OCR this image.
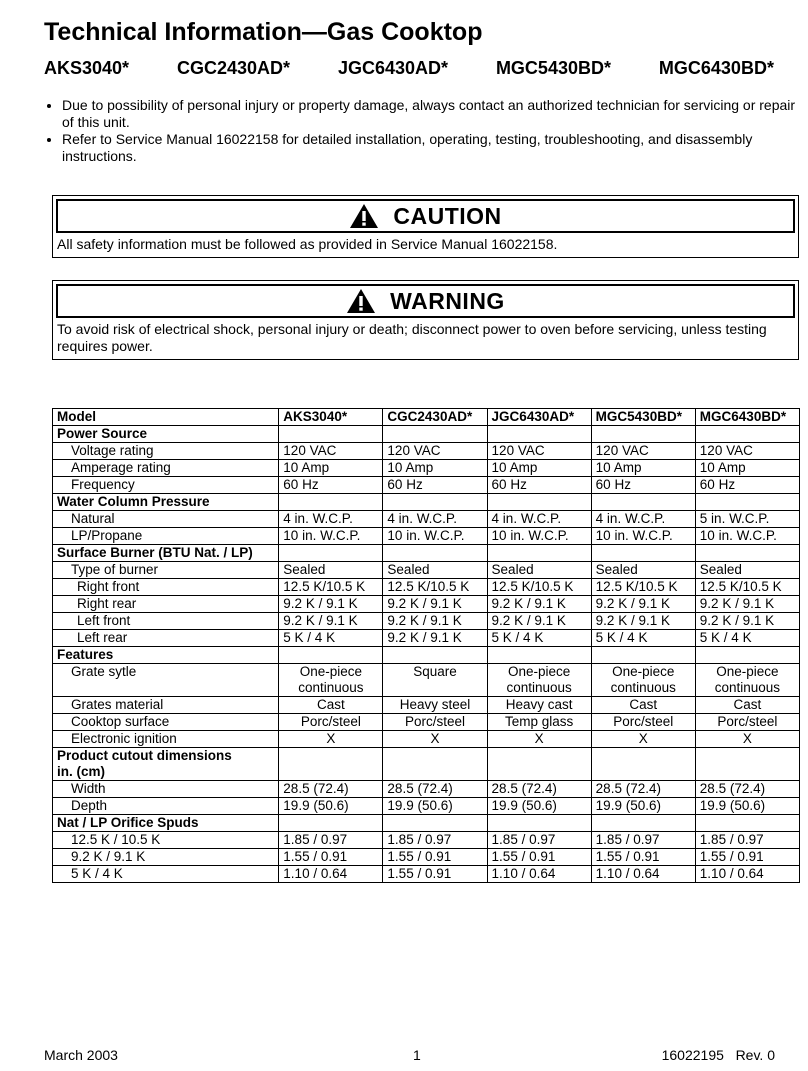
Technical Information—Gas Cooktop
AKS3040*	CGC2430AD*	JGC6430AD*	MGC5430BD*	MGC6430BD*
• Due to possibility of personal injury or property damage, always contact an authorized technician for servicing or repair of this unit.
• Refer to Service Manual 16022158 for detailed installation, operating, testing, troubleshooting, and disassembly instructions.
CAUTION
All safety information must be followed as provided in Service Manual 16022158.
WARNING
To avoid risk of electrical shock, personal injury or death; disconnect power to oven before servicing, unless testing requires power.
Model	AKS3040*	CGC2430AD*	JGC6430AD*	MGC5430BD*	MGC6430BD*
Power Source					
Voltage rating	120 VAC	120 VAC	120 VAC	120 VAC	120 VAC
Amperage rating	10 Amp	10 Amp	10 Amp	10 Amp	10 Amp
Frequency	60 Hz	60 Hz	60 Hz	60 Hz	60 Hz
Water Column Pressure					
Natural	4 in. W.C.P.	4 in. W.C.P.	4 in. W.C.P.	4 in. W.C.P.	5 in. W.C.P.
LP/Propane	10 in. W.C.P.	10 in. W.C.P.	10 in. W.C.P.	10 in. W.C.P.	10 in. W.C.P.
Surface Burner (BTU Nat. / LP)					
Type of burner	Sealed	Sealed	Sealed	Sealed	Sealed
Right front	12.5 K/10.5 K	12.5 K/10.5 K	12.5 K/10.5 K	12.5 K/10.5 K	12.5 K/10.5 K
Right rear	9.2 K / 9.1 K	9.2 K / 9.1 K	9.2 K / 9.1 K	9.2 K / 9.1 K	9.2 K / 9.1 K
Left front	9.2 K / 9.1 K	9.2 K / 9.1 K	9.2 K / 9.1 K	9.2 K / 9.1 K	9.2 K / 9.1 K
Left rear	5 K / 4 K	9.2 K / 9.1 K	5 K / 4 K	5 K / 4 K	5 K / 4 K
Features					
Grate sytle	One-piece continuous	Square	One-piece continuous	One-piece continuous	One-piece continuous
Grates material	Cast	Heavy steel	Heavy cast	Cast	Cast
Cooktop surface	Porc/steel	Porc/steel	Temp glass	Porc/steel	Porc/steel
Electronic ignition	X	X	X	X	X

Product cutout dimensions
in. (cm)					

Width	28.5 (72.4)	28.5 (72.4)	28.5 (72.4)	28.5 (72.4)	28.5 (72.4)
Depth	19.9 (50.6)	19.9 (50.6)	19.9 (50.6)	19.9 (50.6)	19.9 (50.6)
Nat / LP Orifice Spuds					
12.5 K / 10.5 K	1.85 / 0.97	1.85 / 0.97	1.85 / 0.97	1.85 / 0.97	1.85 / 0.97
9.2 K / 9.1 K	1.55 / 0.91	1.55 / 0.91	1.55 / 0.91	1.55 / 0.91	1.55 / 0.91
5 K / 4 K	1.10 / 0.64	1.55 / 0.91	1.10 / 0.64	1.10 / 0.64	1.10 / 0.64
March 2003	1	16022195   Rev. 0
